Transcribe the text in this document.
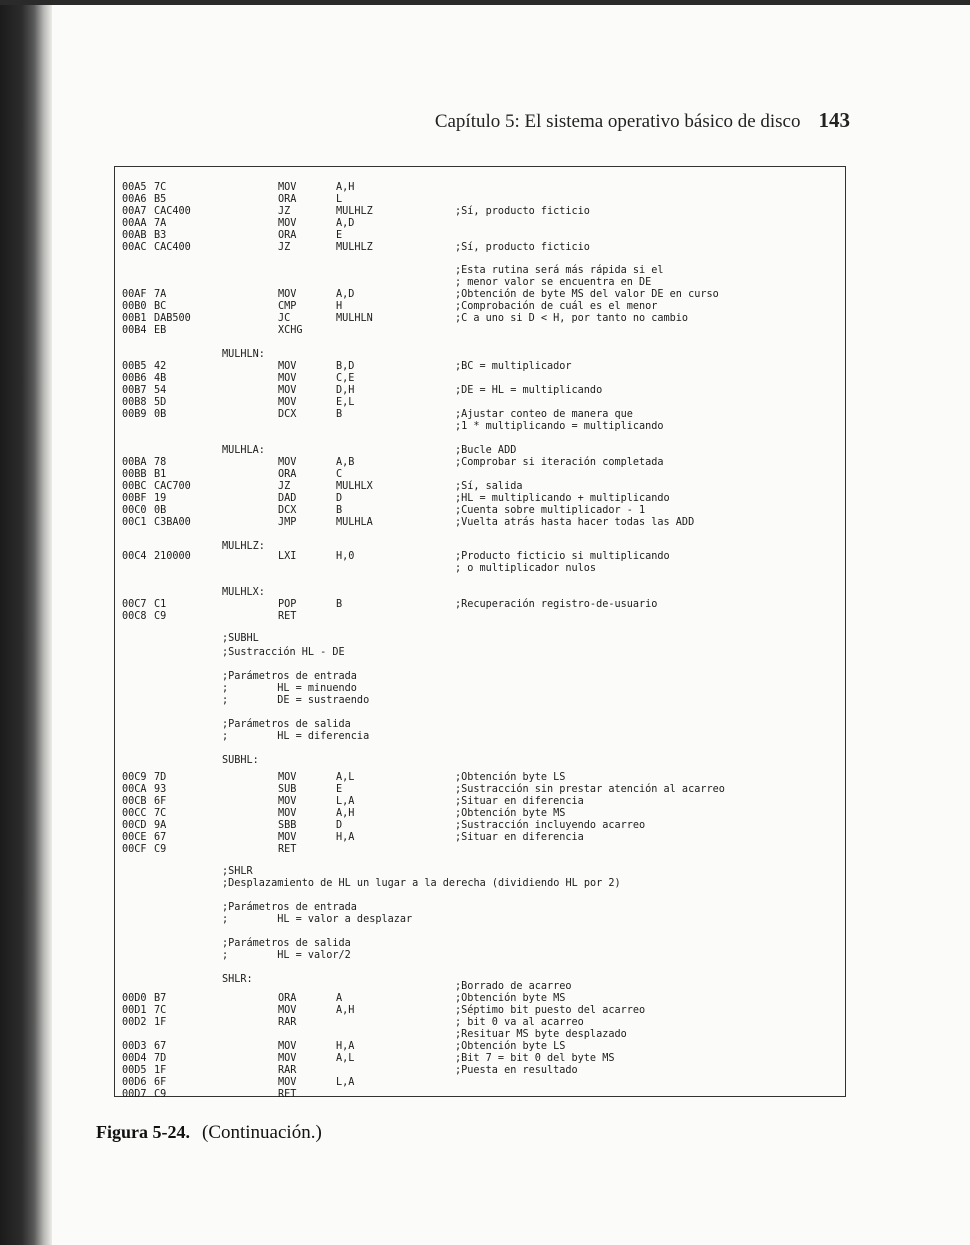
Capítulo 5: El sistema operativo básico de disco 143
00A5 7C	MOV	A,H
00A6 B5	ORA	L
00A7 CAC400	JZ	MULHLZ	;Sí, producto ficticio
00AA 7A	MOV	A,D
00AB B3	ORA	E
00AC CAC400	JZ	MULHLZ	;Sí, producto ficticio
;Esta rutina será más rápida si el
; menor valor se encuentra en DE
00AF 7A	MOV	A,D	;Obtención de byte MS del valor DE en curso
00B0 BC	CMP	H	;Comprobación de cuál es el menor
00B1 DAB500	JC	MULHLN	;C a uno si D < H, por tanto no cambio
00B4 EB	XCHG
MULHLN:
00B5 42	MOV	B,D	;BC = multiplicador
00B6 4B	MOV	C,E
00B7 54	MOV	D,H	;DE = HL = multiplicando
00B8 5D	MOV	E,L
00B9 0B	DCX	B	;Ajustar conteo de manera que
;1 * multiplicando = multiplicando
MULHLA:	;Bucle ADD
00BA 78	MOV	A,B	;Comprobar si iteración completada
00BB B1	ORA	C
00BC CAC700	JZ	MULHLX	;Sí, salida
00BF 19	DAD	D	;HL = multiplicando + multiplicando
00C0 0B	DCX	B	;Cuenta sobre multiplicador - 1
00C1 C3BA00	JMP	MULHLA	;Vuelta atrás hasta hacer todas las ADD
MULHLZ:
00C4 210000	LXI	H,0	;Producto ficticio si multiplicando
; o multiplicador nulos
MULHLX:
00C7 C1	POP	B	;Recuperación registro-de-usuario
00C8 C9	RET
;SUBHL
;Sustracción HL - DE
;Parámetros de entrada
;        HL = minuendo
;        DE = sustraendo
;Parámetros de salida
;        HL = diferencia
SUBHL:
00C9 7D	MOV	A,L	;Obtención byte LS
00CA 93	SUB	E	;Sustracción sin prestar atención al acarreo
00CB 6F	MOV	L,A	;Situar en diferencia
00CC 7C	MOV	A,H	;Obtención byte MS
00CD 9A	SBB	D	;Sustracción incluyendo acarreo
00CE 67	MOV	H,A	;Situar en diferencia
00CF C9	RET
;SHLR
;Desplazamiento de HL un lugar a la derecha (dividiendo HL por 2)
;Parámetros de entrada
;        HL = valor a desplazar
;Parámetros de salida
;        HL = valor/2
SHLR:
;Borrado de acarreo
00D0 B7	ORA	A	;Obtención byte MS
00D1 7C	MOV	A,H	;Séptimo bit puesto del acarreo
00D2 1F	RAR	; bit 0 va al acarreo
;Resituar MS byte desplazado
00D3 67	MOV	H,A	;Obtención byte LS
00D4 7D	MOV	A,L	;Bit 7 = bit 0 del byte MS
00D5 1F	RAR	;Puesta en resultado
00D6 6F	MOV	L,A
00D7 C9	RET
Figura 5-24. (Continuación.)
